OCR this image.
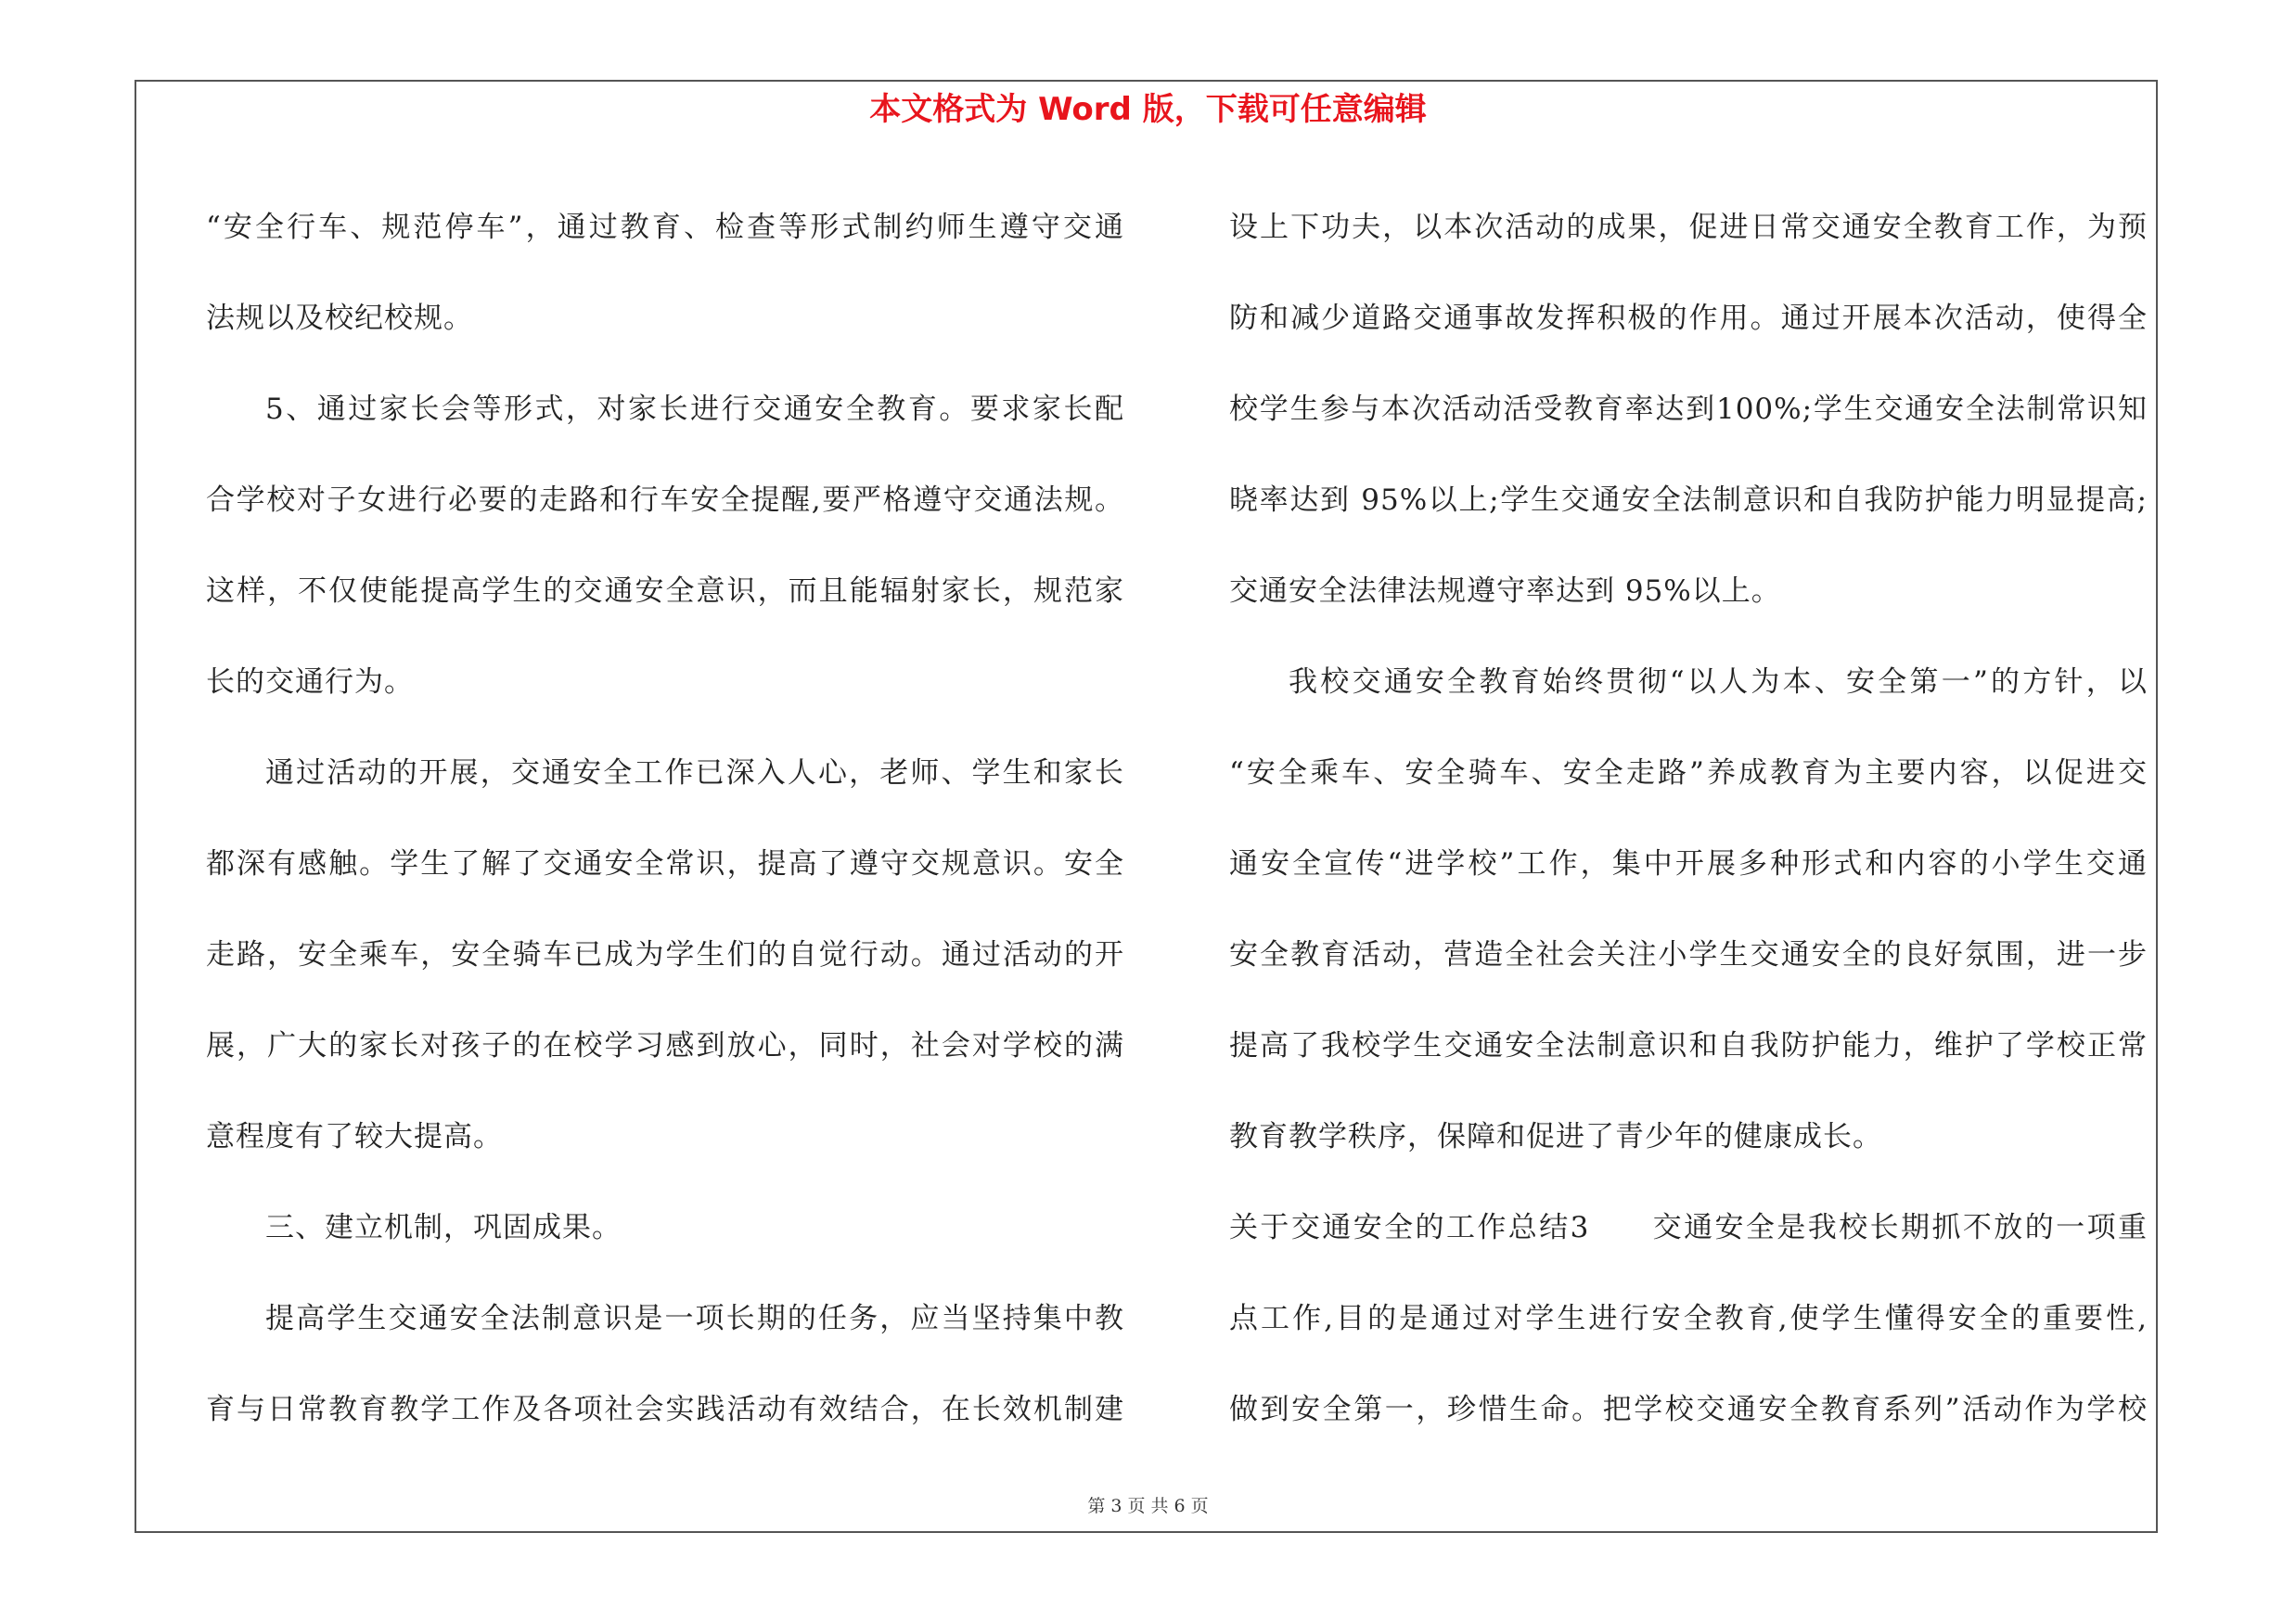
本文格式为 Word 版，下载可任意编辑
“安全行车、规范停车”，通过教育、检查等形式制约师生遵守交通
法规以及校纪校规。
5、通过家长会等形式，对家长进行交通安全教育。要求家长配
合学校对子女进行必要的走路和行车安全提醒,要严格遵守交通法规。
这样，不仅使能提高学生的交通安全意识，而且能辐射家长，规范家
长的交通行为。
通过活动的开展，交通安全工作已深入人心，老师、学生和家长
都深有感触。学生了解了交通安全常识，提高了遵守交规意识。安全
走路，安全乘车，安全骑车已成为学生们的自觉行动。通过活动的开
展，广大的家长对孩子的在校学习感到放心，同时，社会对学校的满
意程度有了较大提高。
三、建立机制，巩固成果。
提高学生交通安全法制意识是一项长期的任务，应当坚持集中教
育与日常教育教学工作及各项社会实践活动有效结合，在长效机制建
设上下功夫，以本次活动的成果，促进日常交通安全教育工作，为预
防和减少道路交通事故发挥积极的作用。通过开展本次活动，使得全
校学生参与本次活动活受教育率达到100%;学生交通安全法制常识知
晓率达到 95%以上;学生交通安全法制意识和自我防护能力明显提高;
交通安全法律法规遵守率达到 95%以上。
我校交通安全教育始终贯彻“以人为本、安全第一”的方针，以
“安全乘车、安全骑车、安全走路”养成教育为主要内容，以促进交
通安全宣传“进学校”工作，集中开展多种形式和内容的小学生交通
安全教育活动，营造全社会关注小学生交通安全的良好氛围，进一步
提高了我校学生交通安全法制意识和自我防护能力，维护了学校正常
教育教学秩序，保障和促进了青少年的健康成长。
关于交通安全的工作总结3　　交通安全是我校长期抓不放的一项重
点工作,目的是通过对学生进行安全教育,使学生懂得安全的重要性,
做到安全第一，珍惜生命。把学校交通安全教育系列”活动作为学校
第 3 页 共 6 页
